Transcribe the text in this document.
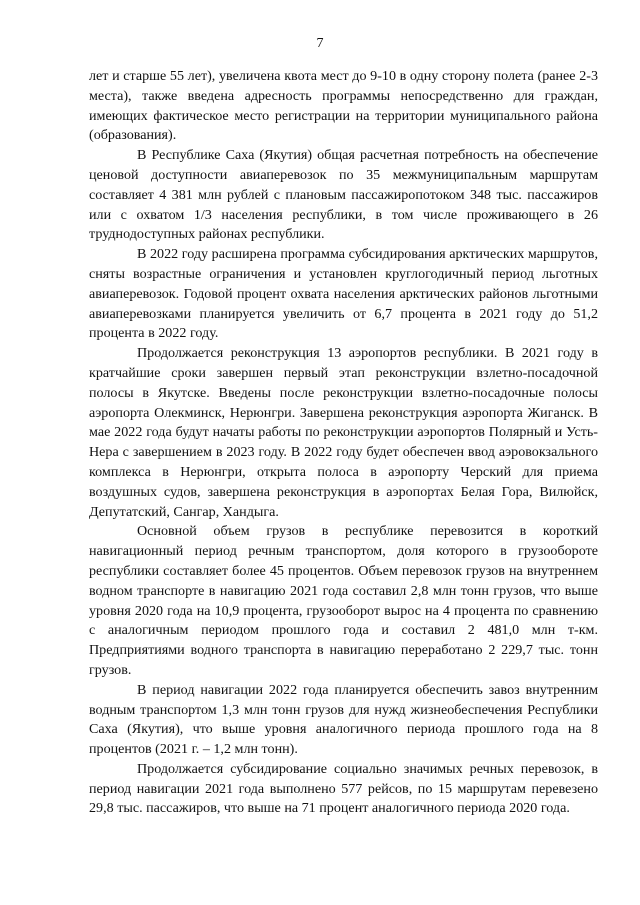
7

лет и старше 55 лет), увеличена квота мест до 9-10 в одну сторону полета (ранее 2-3 места), также введена адресность программы непосредственно для граждан, имеющих фактическое место регистрации на территории муниципального района (образования).

В Республике Саха (Якутия) общая расчетная потребность на обеспечение ценовой доступности авиаперевозок по 35 межмуниципальным маршрутам составляет 4 381 млн рублей с плановым пассажиропотоком 348 тыс. пассажиров или с охватом 1/3 населения республики, в том числе проживающего в 26 труднодоступных районах республики.

В 2022 году расширена программа субсидирования арктических маршрутов, сняты возрастные ограничения и установлен круглогодичный период льготных авиаперевозок. Годовой процент охвата населения арктических районов льготными авиаперевозками планируется увеличить от 6,7 процента в 2021 году до 51,2 процента в 2022 году.

Продолжается реконструкция 13 аэропортов республики. В 2021 году в кратчайшие сроки завершен первый этап реконструкции взлетно-посадочной полосы в Якутске. Введены после реконструкции взлетно-посадочные полосы аэропорта Олекминск, Нерюнгри. Завершена реконструкция аэропорта Жиганск. В мае 2022 года будут начаты работы по реконструкции аэропортов Полярный и Усть-Нера с завершением в 2023 году. В 2022 году будет обеспечен ввод аэровокзального комплекса в Нерюнгри, открыта полоса в аэропорту Черский для приема воздушных судов, завершена реконструкция в аэропортах Белая Гора, Вилюйск, Депутатский, Сангар, Хандыга.

Основной объем грузов в республике перевозится в короткий навигационный период речным транспортом, доля которого в грузообороте республики составляет более 45 процентов. Объем перевозок грузов на внутреннем водном транспорте в навигацию 2021 года составил 2,8 млн тонн грузов, что выше уровня 2020 года на 10,9 процента, грузооборот вырос на 4 процента по сравнению с аналогичным периодом прошлого года и составил 2 481,0 млн т-км. Предприятиями водного транспорта в навигацию переработано 2 229,7 тыс. тонн грузов.

В период навигации 2022 года планируется обеспечить завоз внутренним водным транспортом 1,3 млн тонн грузов для нужд жизнеобеспечения Республики Саха (Якутия), что выше уровня аналогичного периода прошлого года на 8 процентов (2021 г. – 1,2 млн тонн).

Продолжается субсидирование социально значимых речных перевозок, в период навигации 2021 года выполнено 577 рейсов, по 15 маршрутам перевезено 29,8 тыс. пассажиров, что выше на 71 процент аналогичного периода 2020 года.
